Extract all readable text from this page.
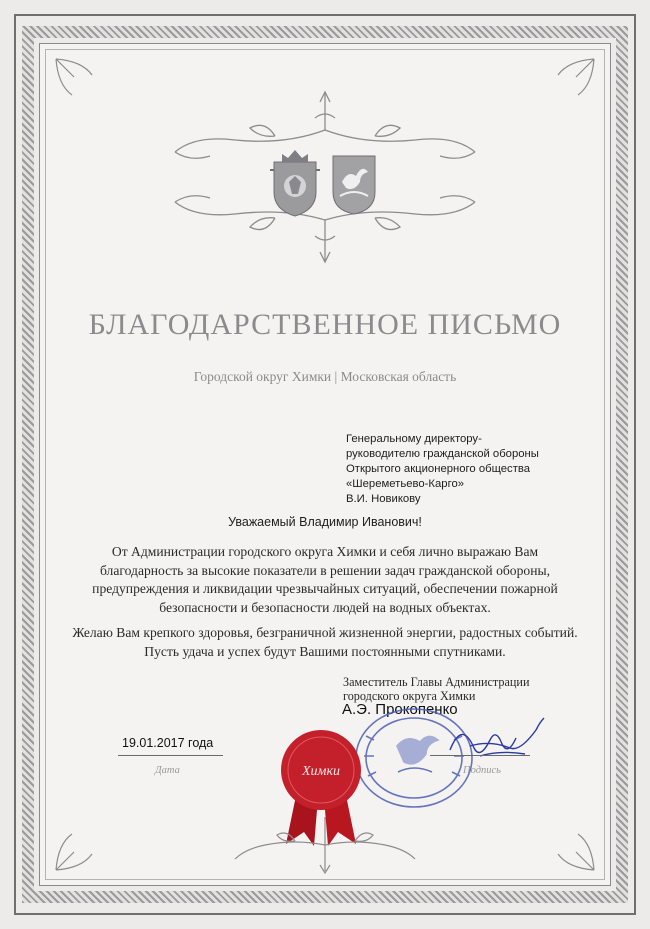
БЛАГОДАРСТВЕННОЕ ПИСЬМО
Городской округ Химки | Московская область
Генеральному директору-
руководителю гражданской обороны
Открытого акционерного общества
«Шереметьево-Карго»
В.И. Новикову
Уважаемый Владимир Иванович!
От Администрации городского округа Химки и себя лично выражаю Вам благодарность за высокие показатели в решении задач гражданской обороны, предупреждения и ликвидации чрезвычайных ситуаций, обеспечении пожарной безопасности и безопасности людей на водных объектах.
Желаю Вам крепкого здоровья, безграничной жизненной энергии, радостных событий. Пусть удача и успех будут Вашими постоянными спутниками.
Заместитель Главы Администрации
городского округа Химки
А.Э. Прокопенко
19.01.2017 года
Дата	Подпись
Химки
